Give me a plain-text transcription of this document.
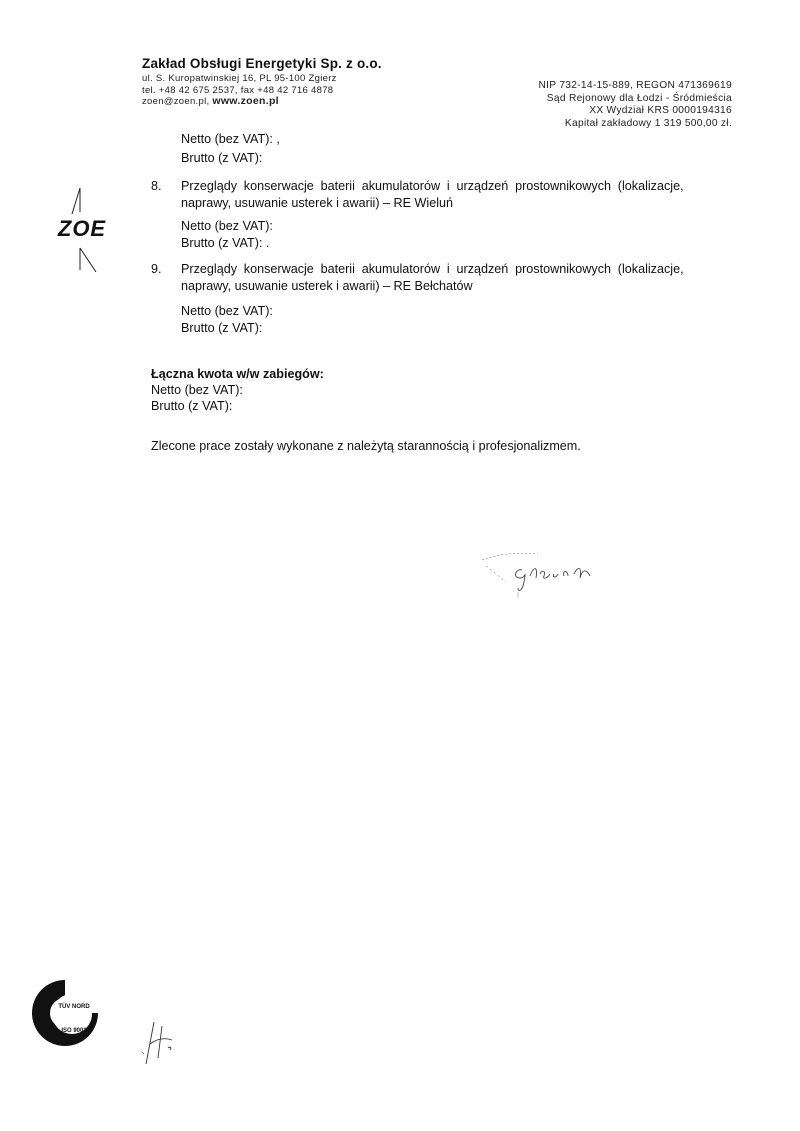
Zakład Obsługi Energetyki Sp. z o.o.
ul. S. Kuropatwinskiej 16, PL 95-100 Zgierz
tel. +48 42 675 2537, fax +48 42 716 4878
zoen@zoen.pl, www.zoen.pl
NIP 732-14-15-889, REGON 471369619
Sąd Rejonowy dla Łodzi - Śródmieścia
XX Wydział KRS 0000194316
Kapitał zakładowy 1 319 500,00 zł.
ZOE
Netto (bez VAT): ,
Brutto (z VAT):
8. Przeglądy konserwacje baterii akumulatorów i urządzeń prostownikowych (lokalizacje,
naprawy, usuwanie usterek i awarii) – RE Wieluń
Netto (bez VAT):
Brutto (z VAT): .
9. Przeglądy konserwacje baterii akumulatorów i urządzeń prostownikowych (lokalizacje,
naprawy, usuwanie usterek i awarii) – RE Bełchatów
Netto (bez VAT):
Brutto (z VAT):
Łączna kwota w/w zabiegów:
Netto (bez VAT):
Brutto (z VAT):
Zlecone prace zostały wykonane z należytą starannością i profesjonalizmem.
TÜV NORD
ISO 9001
